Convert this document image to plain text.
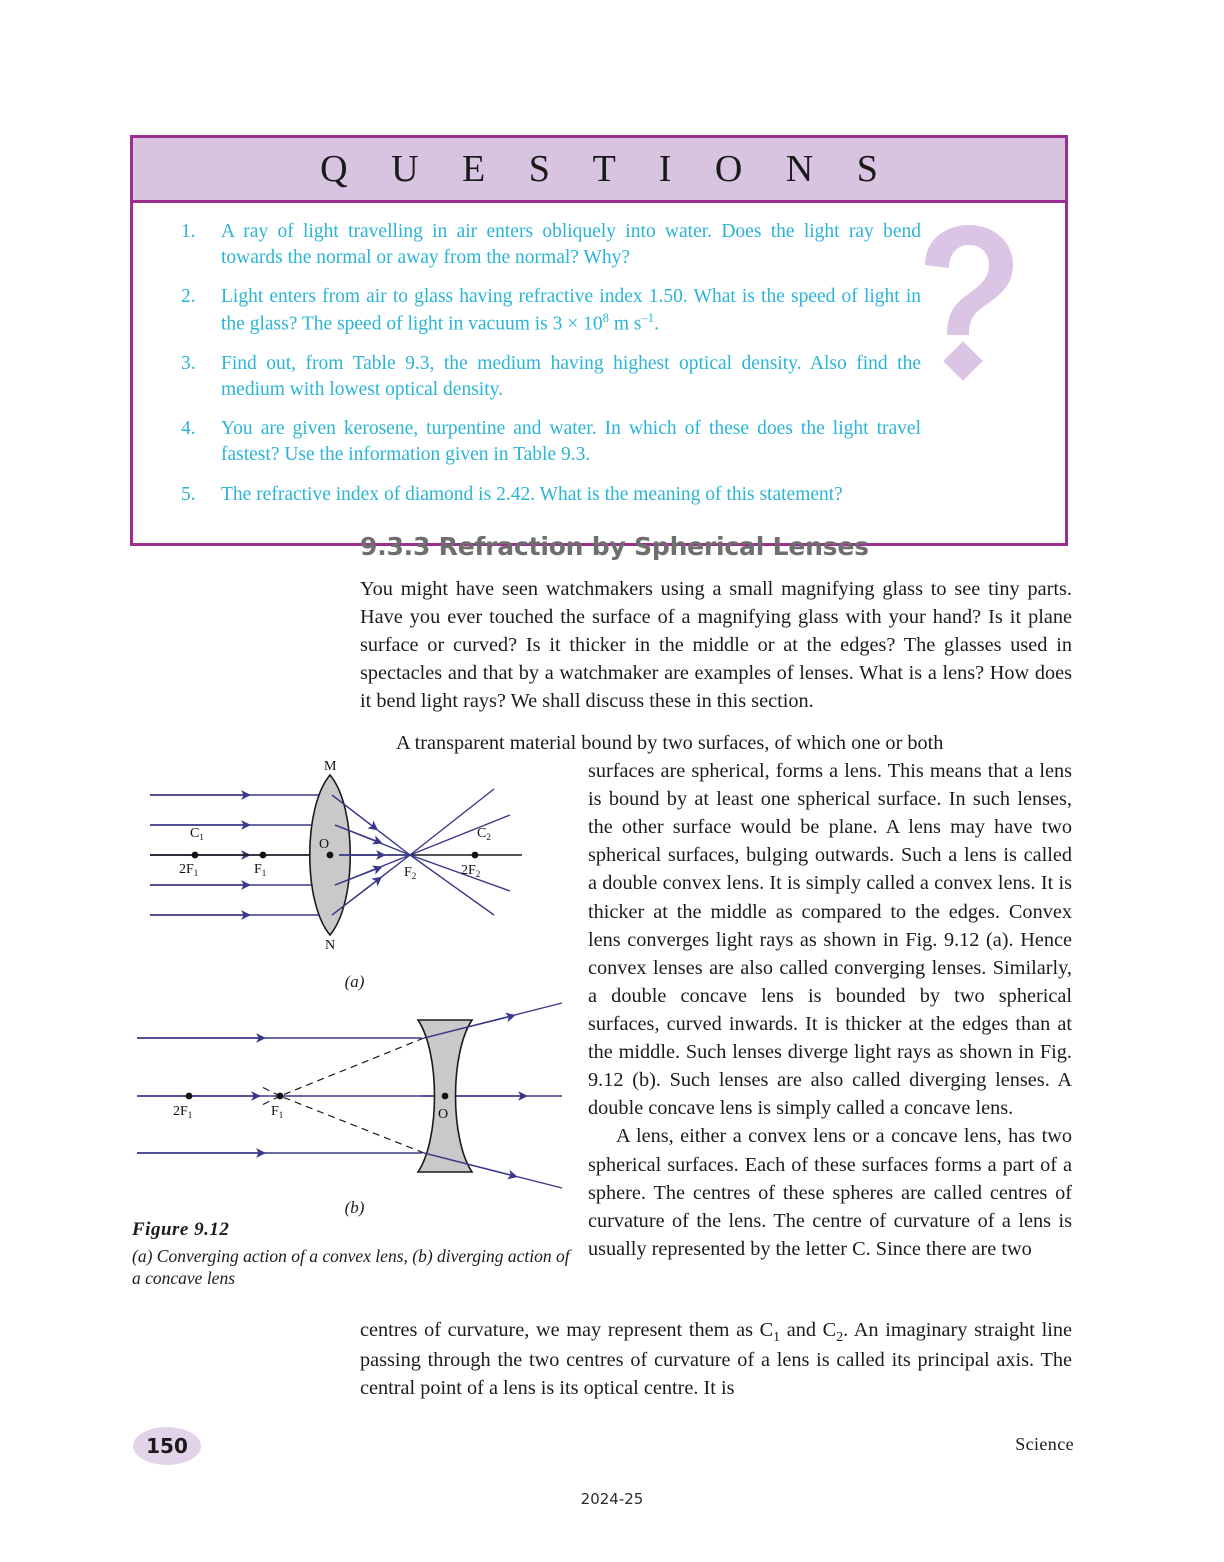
Q U E S T I O N S
1.	A ray of light travelling in air enters obliquely into water. Does the light ray bend towards the normal or away from the normal? Why?
2.	Light enters from air to glass having refractive index 1.50. What is the speed of light in the glass? The speed of light in vacuum is $3 \times 10^8$ m $s^{-1}$.
3.	Find out, from Table 9.3, the medium having highest optical density. Also find the medium with lowest optical density.
4.	You are given kerosene, turpentine and water. In which of these does the light travel fastest? Use the information given in Table 9.3.
5.	The refractive index of diamond is 2.42. What is the meaning of this statement?
9.3.3 Refraction by Spherical Lenses
You might have seen watchmakers using a small magnifying glass to see tiny parts. Have you ever touched the surface of a magnifying glass with your hand? Is it plane surface or curved? Is it thicker in the middle or at the edges? The glasses used in spectacles and that by a watchmaker are examples of lenses. What is a lens? How does it bend light rays? We shall discuss these in this section.
A transparent material bound by two surfaces, of which one or both

surfaces are spherical, forms a lens. This means that a lens is bound by at least one spherical surface. In such lenses, the other surface would be plane. A lens may have two spherical surfaces, bulging outwards. Such a lens is called a double convex lens. It is simply called a convex lens. It is thicker at the middle as compared to the edges. Convex lens converges light rays as shown in Fig. 9.12 (a). Hence convex lenses are also called converging lenses. Similarly, a double concave lens is bounded by two spherical surfaces, curved inwards. It is thicker at the edges than at the middle. Such lenses diverge light rays as shown in Fig. 9.12 (b). Such lenses are also called diverging lenses. A double concave lens is simply called a concave lens.

A lens, either a convex lens or a concave lens, has two spherical surfaces. Each of these surfaces forms a part of a sphere. The centres of these spheres are called centres of curvature of the lens. The centre of curvature of a lens is usually represented by the letter C. Since there are two

centres of curvature, we may represent them as $C_1$ and $C_2$. An imaginary straight line passing through the two centres of curvature of a lens is called its principal axis. The central point of a lens is its optical centre. It is
M
N
O
$C_1$
$2F_1$	$F_1$	$F_2$
$C_2$
$2F_2$
(a)
O
$F_1$
$2F_1$
(b)
Figure 9.12
(a) Converging action of a convex lens, (b) diverging action of a concave lens
150	Science
2024-25
